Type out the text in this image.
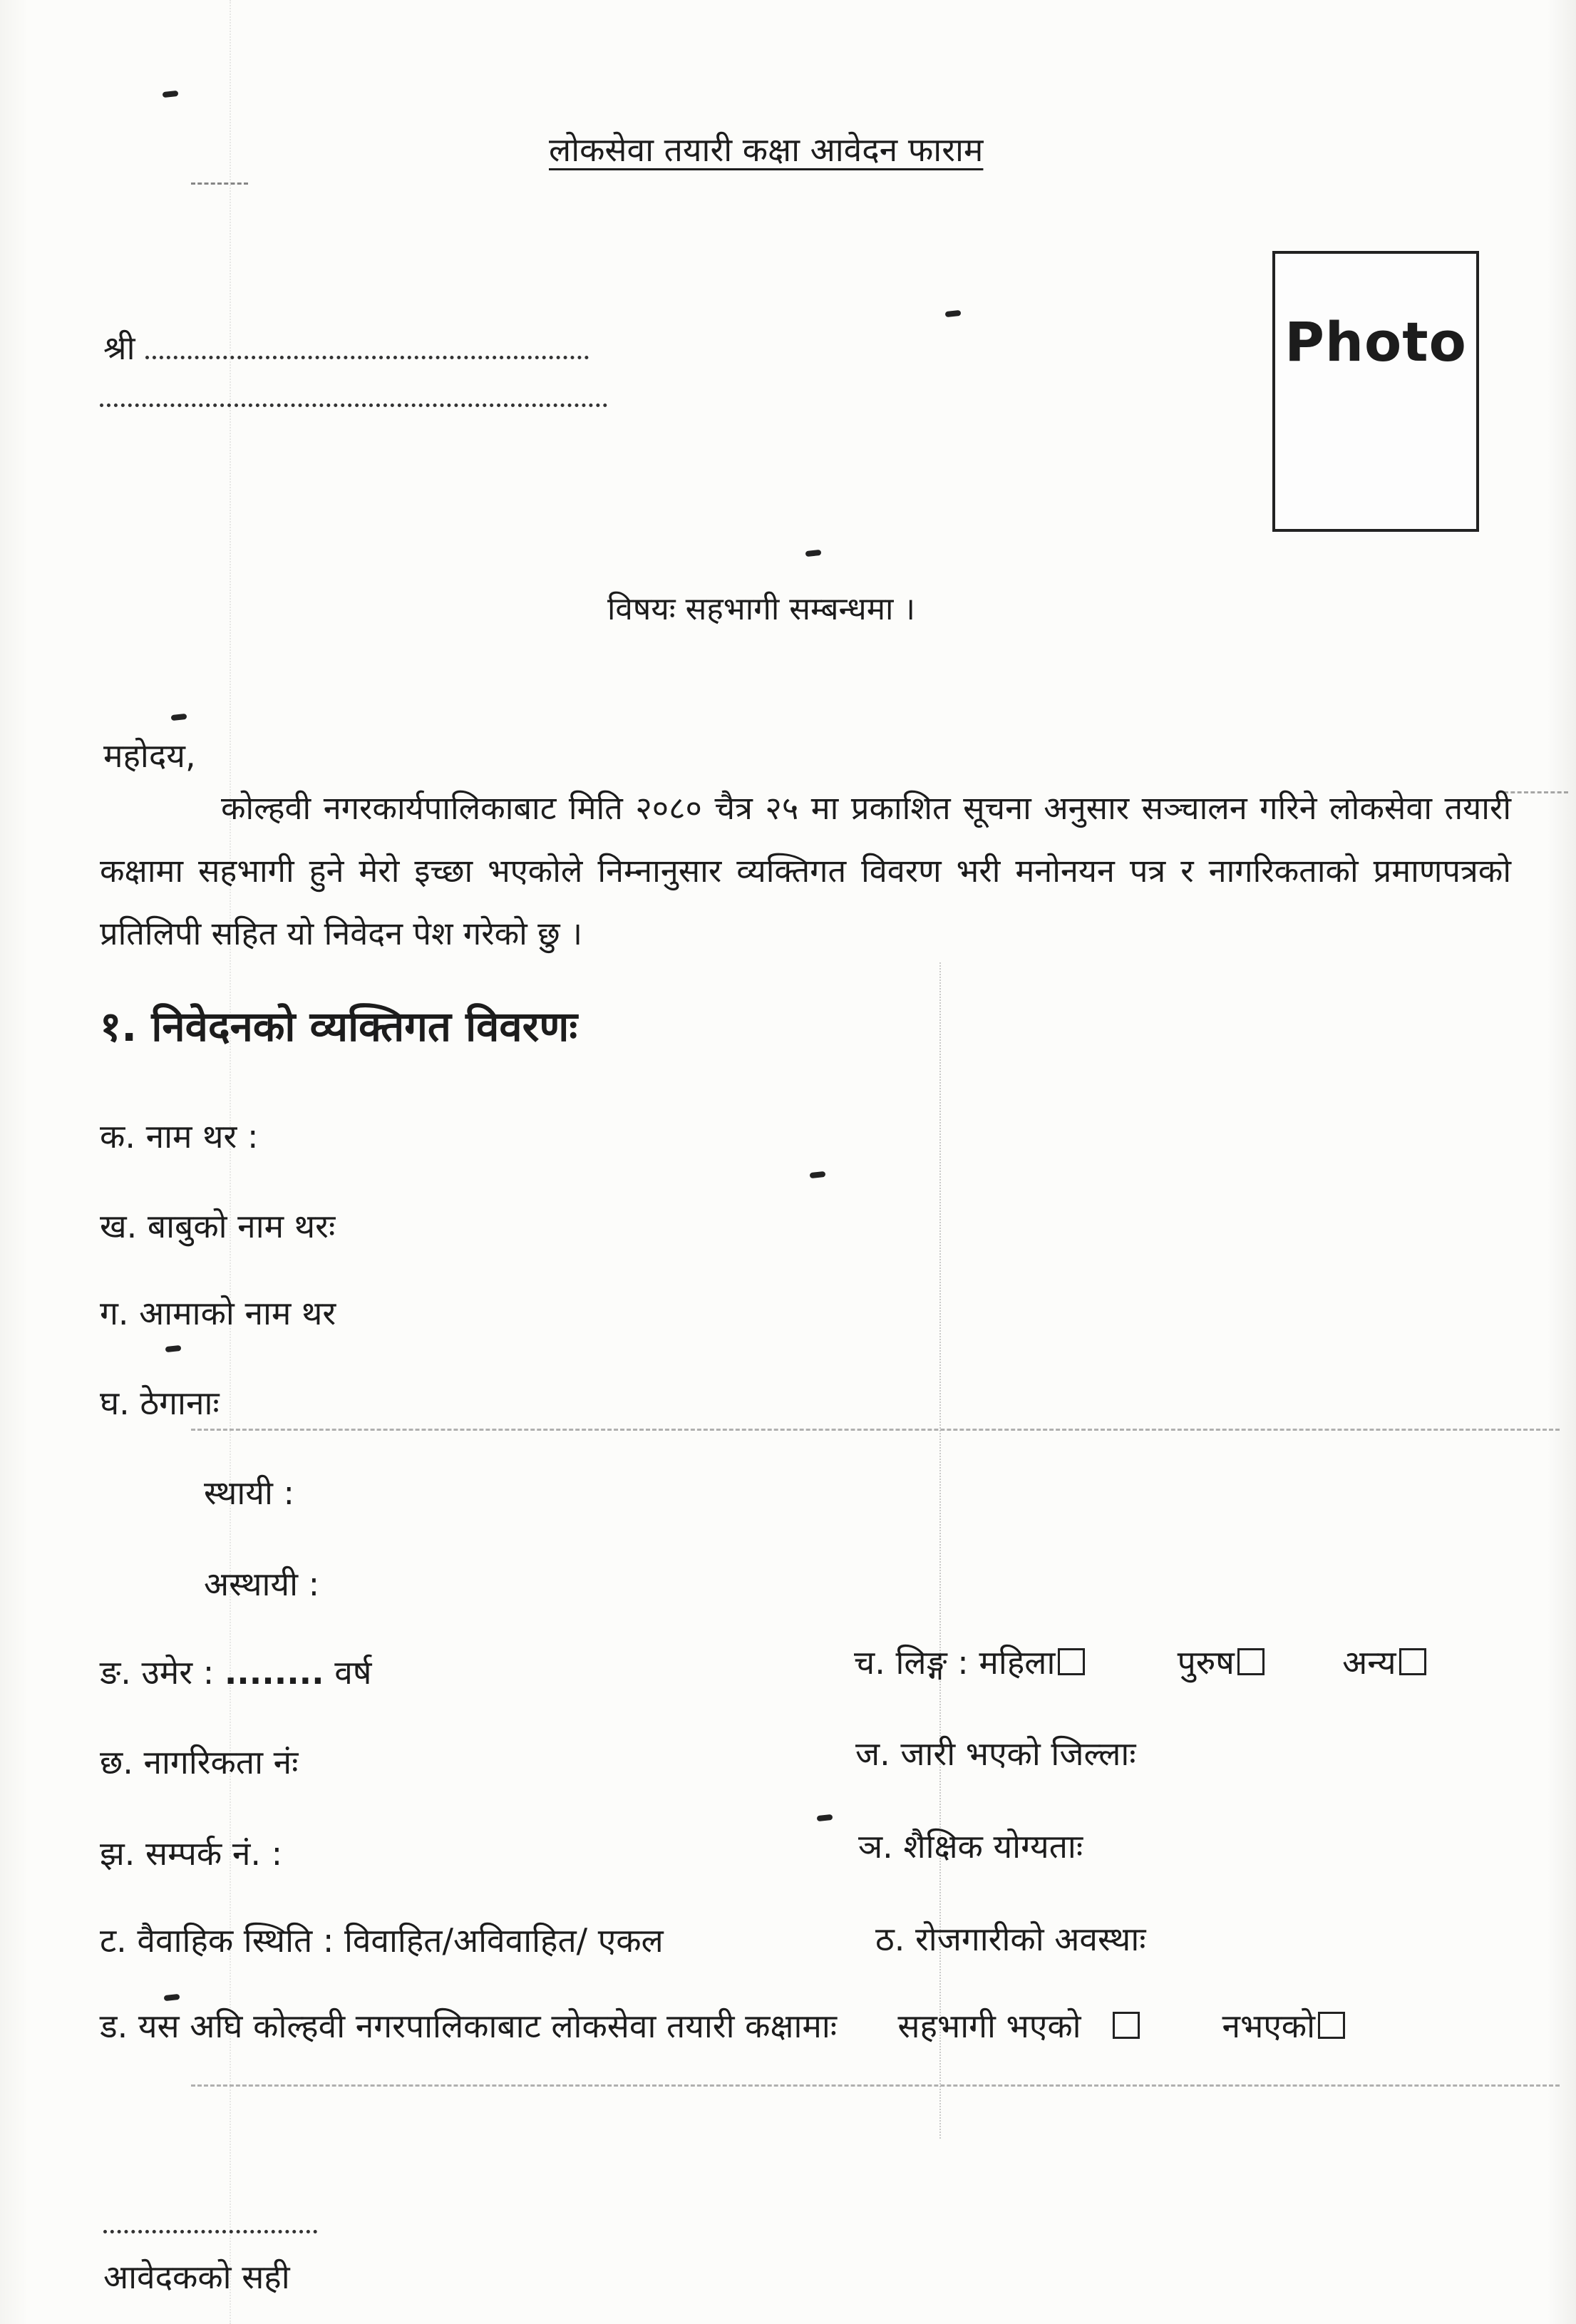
लोकसेवा तयारी कक्षा आवेदन फाराम
Photo
श्री
विषयः सहभागी सम्बन्धमा ।
महोदय,
कोल्हवी नगरकार्यपालिकाबाट मिति २०८० चैत्र २५ मा प्रकाशित सूचना अनुसार सञ्चालन गरिने लोकसेवा तयारी कक्षामा सहभागी हुने मेरो इच्छा भएकोले निम्नानुसार व्यक्तिगत विवरण भरी मनोनयन पत्र र नागरिकताको प्रमाणपत्रको प्रतिलिपी सहित यो निवेदन पेश गरेको छु ।
१. निवेदनको व्यक्तिगत विवरणः
क. नाम थर :
ख. बाबुको नाम थरः
ग. आमाको नाम थर
घ. ठेगानाः
स्थायी :
अस्थायी :
ङ. उमेर : ........ वर्ष	च. लिङ्ग : महिला	पुरुष	अन्य
छ. नागरिकता नंः	ज. जारी भएको जिल्लाः
झ. सम्पर्क नं. :	ञ. शैक्षिक योग्यताः
ट. वैवाहिक स्थिति : विवाहित/अविवाहित/ एकल	ठ. रोजगारीको अवस्थाः
ड. यस अघि कोल्हवी नगरपालिकाबाट लोकसेवा तयारी कक्षामाः सहभागी भएको	नभएको
आवेदकको सही
